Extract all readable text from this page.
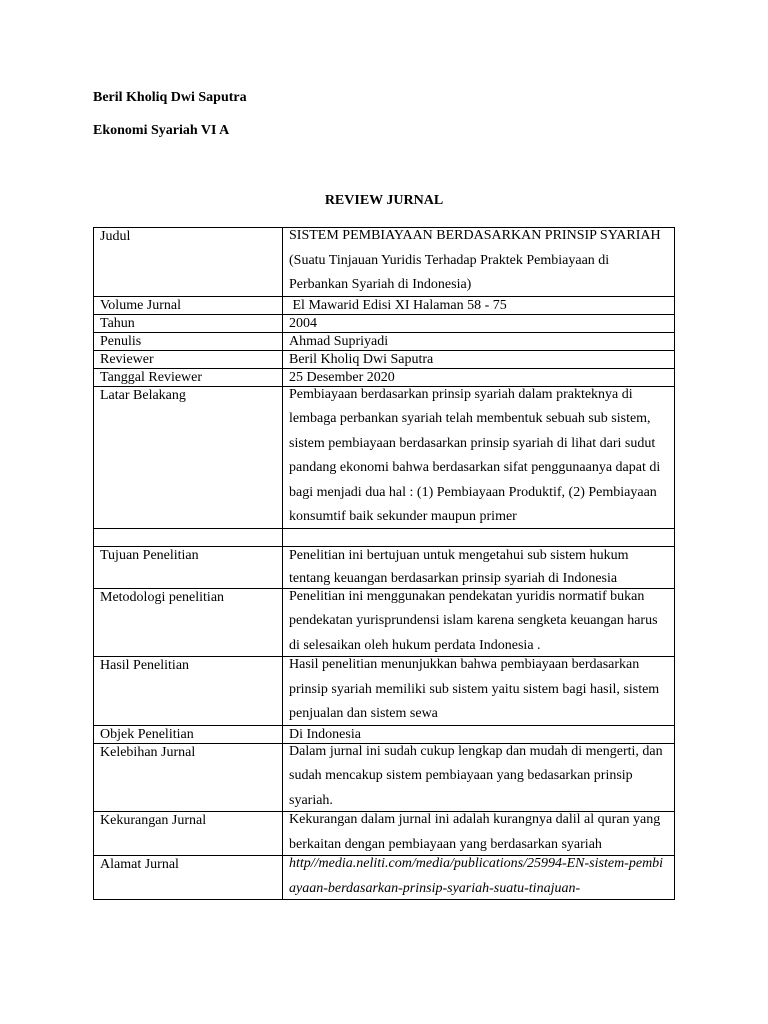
Beril Kholiq Dwi Saputra
Ekonomi Syariah VI A
REVIEW JURNAL
Judul	SISTEM PEMBIAYAAN BERDASARKAN PRINSIP SYARIAH (Suatu Tinjauan Yuridis Terhadap Praktek Pembiayaan di Perbankan Syariah di Indonesia)

Volume Jurnal	El Mawarid Edisi XI Halaman 58 - 75
Tahun	2004
Penulis	Ahmad Supriyadi
Reviewer	Beril Kholiq Dwi Saputra
Tanggal Reviewer	25 Desember 2020
Latar Belakang	Pembiayaan berdasarkan prinsip syariah dalam prakteknya di lembaga perbankan syariah telah membentuk sebuah sub sistem, sistem pembiayaan berdasarkan prinsip syariah di lihat dari sudut pandang ekonomi bahwa berdasarkan sifat penggunaanya dapat di bagi menjadi dua hal : (1) Pembiayaan Produktif, (2) Pembiayaan konsumtif baik sekunder maupun primer

Tujuan Penelitian	Penelitian ini bertujuan untuk mengetahui sub sistem hukum tentang keuangan berdasarkan prinsip syariah di Indonesia

Metodologi penelitian	Penelitian ini menggunakan pendekatan yuridis normatif bukan pendekatan yurisprundensi islam karena sengketa keuangan harus di selesaikan oleh hukum perdata Indonesia .

Hasil Penelitian	Hasil penelitian menunjukkan bahwa pembiayaan berdasarkan prinsip syariah memiliki sub sistem yaitu sistem bagi hasil, sistem penjualan dan sistem sewa

Objek Penelitian	Di Indonesia
Kelebihan Jurnal	Dalam jurnal ini sudah cukup lengkap dan mudah di mengerti, dan sudah mencakup sistem pembiayaan yang bedasarkan prinsip syariah.

Kekurangan Jurnal	Kekurangan dalam jurnal ini adalah kurangnya dalil al quran yang berkaitan dengan pembiayaan yang berdasarkan syariah

Alamat Jurnal	http//media.neliti.com/media/publications/25994-EN-sistem-pembiayaan-berdasarkan-prinsip-syariah-suatu-tinajuan-
